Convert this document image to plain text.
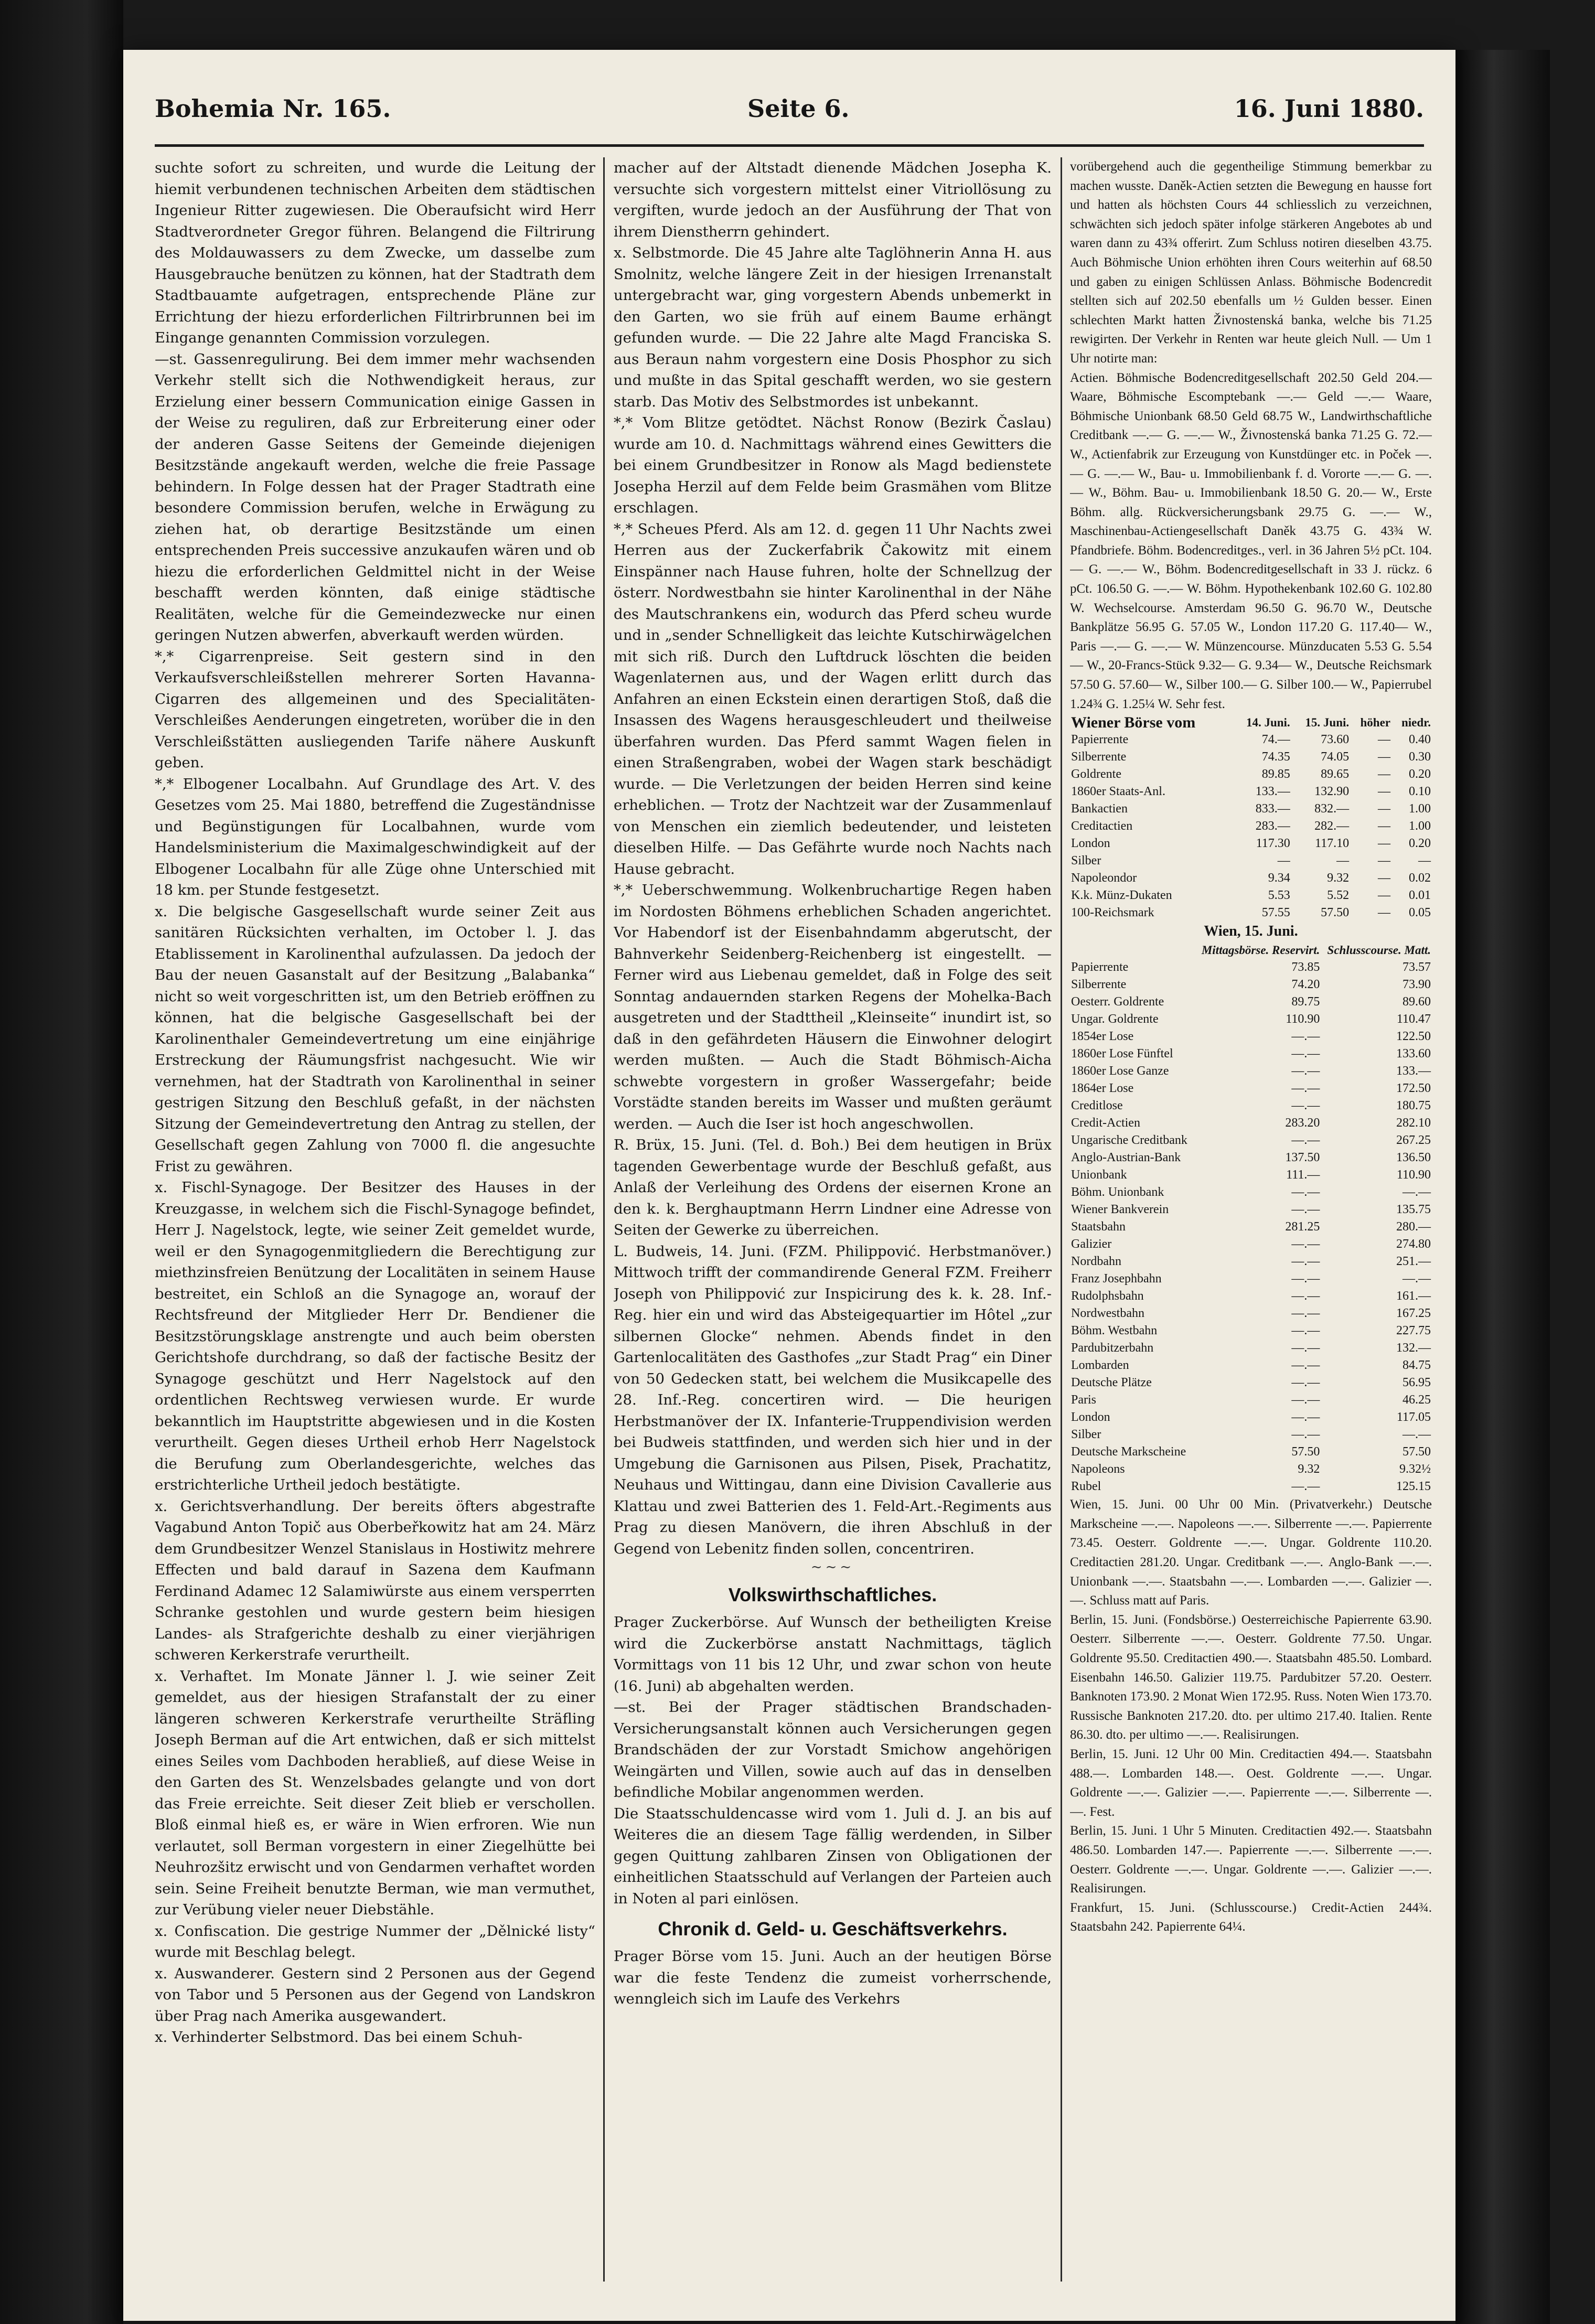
Bohemia Nr. 165.	Seite 6.	16. Juni 1880.

suchte sofort zu schreiten, und wurde die Leitung der hiemit verbundenen technischen Arbeiten dem städtischen Ingenieur Ritter zugewiesen. Die Oberaufsicht wird Herr Stadtverordneter Gregor führen. Belangend die Filtrirung des Moldauwassers zu dem Zwecke, um dasselbe zum Hausgebrauche benützen zu können, hat der Stadtrath dem Stadtbauamte aufgetragen, entsprechende Pläne zur Errichtung der hiezu erforderlichen Filtrirbrunnen bei im Eingange genannten Commission vorzulegen.

—st. Gassenregulirung. Bei dem immer mehr wachsenden Verkehr stellt sich die Nothwendigkeit heraus, zur Erzielung einer bessern Communication einige Gassen in der Weise zu reguliren, daß zur Erbreiterung einer oder der anderen Gasse Seitens der Gemeinde diejenigen Besitzstände angekauft werden, welche die freie Passage behindern. In Folge dessen hat der Prager Stadtrath eine besondere Commission berufen, welche in Erwägung zu ziehen hat, ob derartige Besitzstände um einen entsprechenden Preis successive anzukaufen wären und ob hiezu die erforderlichen Geldmittel nicht in der Weise beschafft werden könnten, daß einige städtische Realitäten, welche für die Gemeindezwecke nur einen geringen Nutzen abwerfen, abverkauft werden würden.

*,* Cigarrenpreise. Seit gestern sind in den Verkaufsverschleißstellen mehrerer Sorten Havanna-Cigarren des allgemeinen und des Specialitäten-Verschleißes Aenderungen eingetreten, worüber die in den Verschleißstätten ausliegenden Tarife nähere Auskunft geben.

*,* Elbogener Localbahn. Auf Grundlage des Art. V. des Gesetzes vom 25. Mai 1880, betreffend die Zugeständnisse und Begünstigungen für Localbahnen, wurde vom Handelsministerium die Maximalgeschwindigkeit auf der Elbogener Localbahn für alle Züge ohne Unterschied mit 18 km. per Stunde festgesetzt.

x. Die belgische Gasgesellschaft wurde seiner Zeit aus sanitären Rücksichten verhalten, im October l. J. das Etablissement in Karolinenthal aufzulassen. Da jedoch der Bau der neuen Gasanstalt auf der Besitzung „Balabanka“ nicht so weit vorgeschritten ist, um den Betrieb eröffnen zu können, hat die belgische Gasgesellschaft bei der Karolinenthaler Gemeindevertretung um eine einjährige Erstreckung der Räumungsfrist nachgesucht. Wie wir vernehmen, hat der Stadtrath von Karolinenthal in seiner gestrigen Sitzung den Beschluß gefaßt, in der nächsten Sitzung der Gemeindevertretung den Antrag zu stellen, der Gesellschaft gegen Zahlung von 7000 fl. die angesuchte Frist zu gewähren.

x. Fischl-Synagoge. Der Besitzer des Hauses in der Kreuzgasse, in welchem sich die Fischl-Synagoge befindet, Herr J. Nagelstock, legte, wie seiner Zeit gemeldet wurde, weil er den Synagogenmitgliedern die Berechtigung zur miethzinsfreien Benützung der Localitäten in seinem Hause bestreitet, ein Schloß an die Synagoge an, worauf der Rechtsfreund der Mitglieder Herr Dr. Bendiener die Besitzstörungsklage anstrengte und auch beim obersten Gerichtshofe durchdrang, so daß der factische Besitz der Synagoge geschützt und Herr Nagelstock auf den ordentlichen Rechtsweg verwiesen wurde. Er wurde bekanntlich im Hauptstritte abgewiesen und in die Kosten verurtheilt. Gegen dieses Urtheil erhob Herr Nagelstock die Berufung zum Oberlandesgerichte, welches das erstrichterliche Urtheil jedoch bestätigte.

x. Gerichtsverhandlung. Der bereits öfters abgestrafte Vagabund Anton Topič aus Oberbeřkowitz hat am 24. März dem Grundbesitzer Wenzel Stanislaus in Hostiwitz mehrere Effecten und bald darauf in Sazena dem Kaufmann Ferdinand Adamec 12 Salamiwürste aus einem versperrten Schranke gestohlen und wurde gestern beim hiesigen Landes- als Strafgerichte deshalb zu einer vierjährigen schweren Kerkerstrafe verurtheilt.

x. Verhaftet. Im Monate Jänner l. J. wie seiner Zeit gemeldet, aus der hiesigen Strafanstalt der zu einer längeren schweren Kerkerstrafe verurtheilte Sträfling Joseph Berman auf die Art entwichen, daß er sich mittelst eines Seiles vom Dachboden herabließ, auf diese Weise in den Garten des St. Wenzelsbades gelangte und von dort das Freie erreichte. Seit dieser Zeit blieb er verschollen. Bloß einmal hieß es, er wäre in Wien erfroren. Wie nun verlautet, soll Berman vorgestern in einer Ziegelhütte bei Neuhrozšitz erwischt und von Gendarmen verhaftet worden sein. Seine Freiheit benutzte Berman, wie man vermuthet, zur Verübung vieler neuer Diebstähle.

x. Confiscation. Die gestrige Nummer der „Dělnické listy“ wurde mit Beschlag belegt.

x. Auswanderer. Gestern sind 2 Personen aus der Gegend von Tabor und 5 Personen aus der Gegend von Landskron über Prag nach Amerika ausgewandert.

x. Verhinderter Selbstmord. Das bei einem Schuh-

macher auf der Altstadt dienende Mädchen Josepha K. versuchte sich vorgestern mittelst einer Vitriollösung zu vergiften, wurde jedoch an der Ausführung der That von ihrem Dienstherrn gehindert.

x. Selbstmorde. Die 45 Jahre alte Taglöhnerin Anna H. aus Smolnitz, welche längere Zeit in der hiesigen Irrenanstalt untergebracht war, ging vorgestern Abends unbemerkt in den Garten, wo sie früh auf einem Baume erhängt gefunden wurde. — Die 22 Jahre alte Magd Franciska S. aus Beraun nahm vorgestern eine Dosis Phosphor zu sich und mußte in das Spital geschafft werden, wo sie gestern starb. Das Motiv des Selbstmordes ist unbekannt.

*,* Vom Blitze getödtet. Nächst Ronow (Bezirk Časlau) wurde am 10. d. Nachmittags während eines Gewitters die bei einem Grundbesitzer in Ronow als Magd bedienstete Josepha Herzil auf dem Felde beim Grasmähen vom Blitze erschlagen.

*,* Scheues Pferd. Als am 12. d. gegen 11 Uhr Nachts zwei Herren aus der Zuckerfabrik Čakowitz mit einem Einspänner nach Hause fuhren, holte der Schnellzug der österr. Nordwestbahn sie hinter Karolinenthal in der Nähe des Mautschrankens ein, wodurch das Pferd scheu wurde und in „sender Schnelligkeit das leichte Kutschirwägelchen mit sich riß. Durch den Luftdruck löschten die beiden Wagenlaternen aus, und der Wagen erlitt durch das Anfahren an einen Eckstein einen derartigen Stoß, daß die Insassen des Wagens herausgeschleudert und theilweise überfahren wurden. Das Pferd sammt Wagen fielen in einen Straßengraben, wobei der Wagen stark beschädigt wurde. — Die Verletzungen der beiden Herren sind keine erheblichen. — Trotz der Nachtzeit war der Zusammenlauf von Menschen ein ziemlich bedeutender, und leisteten dieselben Hilfe. — Das Gefährte wurde noch Nachts nach Hause gebracht.

*,* Ueberschwemmung. Wolkenbruchartige Regen haben im Nordosten Böhmens erheblichen Schaden angerichtet. Vor Habendorf ist der Eisenbahndamm abgerutscht, der Bahnverkehr Seidenberg-Reichenberg ist eingestellt. — Ferner wird aus Liebenau gemeldet, daß in Folge des seit Sonntag andauernden starken Regens der Mohelka-Bach ausgetreten und der Stadttheil „Kleinseite“ inundirt ist, so daß in den gefährdeten Häusern die Einwohner delogirt werden mußten. — Auch die Stadt Böhmisch-Aicha schwebte vorgestern in großer Wassergefahr; beide Vorstädte standen bereits im Wasser und mußten geräumt werden. — Auch die Iser ist hoch angeschwollen.

R. Brüx, 15. Juni. (Tel. d. Boh.) Bei dem heutigen in Brüx tagenden Gewerbentage wurde der Beschluß gefaßt, aus Anlaß der Verleihung des Ordens der eisernen Krone an den k. k. Berghauptmann Herrn Lindner eine Adresse von Seiten der Gewerke zu überreichen.

L. Budweis, 14. Juni. (FZM. Philippović. Herbstmanöver.) Mittwoch trifft der commandirende General FZM. Freiherr Joseph von Philippović zur Inspicirung des k. k. 28. Inf.-Reg. hier ein und wird das Absteigequartier im Hôtel „zur silbernen Glocke“ nehmen. Abends findet in den Gartenlocalitäten des Gasthofes „zur Stadt Prag“ ein Diner von 50 Gedecken statt, bei welchem die Musikcapelle des 28. Inf.-Reg. concertiren wird. — Die heurigen Herbstmanöver der IX. Infanterie-Truppendivision werden bei Budweis stattfinden, und werden sich hier und in der Umgebung die Garnisonen aus Pilsen, Pisek, Prachatitz, Neuhaus und Wittingau, dann eine Division Cavallerie aus Klattau und zwei Batterien des 1. Feld-Art.-Regiments aus Prag zu diesen Manövern, die ihren Abschluß in der Gegend von Lebenitz finden sollen, concentriren.

~~~
Volkswirthschaftliches.

Prager Zuckerbörse. Auf Wunsch der betheiligten Kreise wird die Zuckerbörse anstatt Nachmittags, täglich Vormittags von 11 bis 12 Uhr, und zwar schon von heute (16. Juni) ab abgehalten werden.

—st. Bei der Prager städtischen Brandschaden-Versicherungsanstalt können auch Versicherungen gegen Brandschäden der zur Vorstadt Smichow angehörigen Weingärten und Villen, sowie auch auf das in denselben befindliche Mobilar angenommen werden.

Die Staatsschuldencasse wird vom 1. Juli d. J. an bis auf Weiteres die an diesem Tage fällig werdenden, in Silber gegen Quittung zahlbaren Zinsen von Obligationen der einheitlichen Staatsschuld auf Verlangen der Parteien auch in Noten al pari einlösen.

Chronik d. Geld- u. Geschäftsverkehrs.

Prager Börse vom 15. Juni. Auch an der heutigen Börse war die feste Tendenz die zumeist vorherrschende, wenngleich sich im Laufe des Verkehrs

vorübergehend auch die gegentheilige Stimmung bemerkbar zu machen wusste. Daněk-Actien setzten die Bewegung en hausse fort und hatten als höchsten Cours 44 schliesslich zu verzeichnen, schwächten sich jedoch später infolge stärkeren Angebotes ab und waren dann zu 43¾ offerirt. Zum Schluss notiren dieselben 43.75. Auch Böhmische Union erhöhten ihren Cours weiterhin auf 68.50 und gaben zu einigen Schlüssen Anlass. Böhmische Bodencredit stellten sich auf 202.50 ebenfalls um ½ Gulden besser. Einen schlechten Markt hatten Živnostenská banka, welche bis 71.25 rewigirten. Der Verkehr in Renten war heute gleich Null. — Um 1 Uhr notirte man:

Actien. Böhmische Bodencreditgesellschaft 202.50 Geld 204.— Waare, Böhmische Escomptebank —.— Geld —.— Waare, Böhmische Unionbank 68.50 Geld 68.75 W., Landwirthschaftliche Creditbank —.— G. —.— W., Živnostenská banka 71.25 G. 72.— W., Actienfabrik zur Erzeugung von Kunstdünger etc. in Poček —.— G. —.— W., Bau- u. Immobilienbank f. d. Vororte —.— G. —.— W., Böhm. Bau- u. Immobilienbank 18.50 G. 20.— W., Erste Böhm. allg. Rückversicherungsbank 29.75 G. —.— W., Maschinenbau-Actiengesellschaft Daněk 43.75 G. 43¾ W. Pfandbriefe. Böhm. Bodencreditges., verl. in 36 Jahren 5½ pCt. 104.— G. —.— W., Böhm. Bodencreditgesellschaft in 33 J. rückz. 6 pCt. 106.50 G. —.— W. Böhm. Hypothekenbank 102.60 G. 102.80 W. Wechselcourse. Amsterdam 96.50 G. 96.70 W., Deutsche Bankplätze 56.95 G. 57.05 W., London 117.20 G. 117.40— W., Paris —.— G. —.— W. Münzencourse. Münzducaten 5.53 G. 5.54— W., 20-Francs-Stück 9.32— G. 9.34— W., Deutsche Reichsmark 57.50 G. 57.60— W., Silber 100.— G. Silber 100.— W., Papierrubel 1.24¾ G. 1.25¼ W. Sehr fest.

Wiener Börse vom	14. Juni.	15. Juni.	höher	niedr.
Papierrente	74.—	73.60	—	0.40
Silberrente	74.35	74.05	—	0.30
Goldrente	89.85	89.65	—	0.20
1860er Staats-Anl.	133.—	132.90	—	0.10
Bankactien	833.—	832.—	—	1.00
Creditactien	283.—	282.—	—	1.00
London	117.30	117.10	—	0.20
Silber	—	—	—	—
Napoleondor	9.34	9.32	—	0.02
K.k. Münz-Dukaten	5.53	5.52	—	0.01
100-Reichsmark	57.55	57.50	—	0.05
Wien, 15. Juni.
	Mittagsbörse. Reservirt.	Schlusscourse. Matt.
Papierrente	73.85	73.57
Silberrente	74.20	73.90
Oesterr. Goldrente	89.75	89.60
Ungar. Goldrente	110.90	110.47
1854er Lose	—.—	122.50
1860er Lose Fünftel	—.—	133.60
1860er Lose Ganze	—.—	133.—
1864er Lose	—.—	172.50
Creditlose	—.—	180.75
Credit-Actien	283.20	282.10
Ungarische Creditbank	—.—	267.25
Anglo-Austrian-Bank	137.50	136.50
Unionbank	111.—	110.90
Böhm. Unionbank	—.—	—.—
Wiener Bankverein	—.—	135.75
Staatsbahn	281.25	280.—
Galizier	—.—	274.80
Nordbahn	—.—	251.—
Franz Josephbahn	—.—	—.—
Rudolphsbahn	—.—	161.—
Nordwestbahn	—.—	167.25
Böhm. Westbahn	—.—	227.75
Pardubitzerbahn	—.—	132.—
Lombarden	—.—	84.75
Deutsche Plätze	—.—	56.95
Paris	—.—	46.25
London	—.—	117.05
Silber	—.—	—.—
Deutsche Markscheine	57.50	57.50
Napoleons	9.32	9.32½
Rubel	—.—	125.15

Wien, 15. Juni. 00 Uhr 00 Min. (Privatverkehr.) Deutsche Markscheine —.—. Napoleons —.—. Silberrente —.—. Papierrente 73.45. Oesterr. Goldrente —.—. Ungar. Goldrente 110.20. Creditactien 281.20. Ungar. Creditbank —.—. Anglo-Bank —.—. Unionbank —.—. Staatsbahn —.—. Lombarden —.—. Galizier —.—. Schluss matt auf Paris.

Berlin, 15. Juni. (Fondsbörse.) Oesterreichische Papierrente 63.90. Oesterr. Silberrente —.—. Oesterr. Goldrente 77.50. Ungar. Goldrente 95.50. Creditactien 490.—. Staatsbahn 485.50. Lombard. Eisenbahn 146.50. Galizier 119.75. Pardubitzer 57.20. Oesterr. Banknoten 173.90. 2 Monat Wien 172.95. Russ. Noten Wien 173.70. Russische Banknoten 217.20. dto. per ultimo 217.40. Italien. Rente 86.30. dto. per ultimo —.—. Realisirungen.

Berlin, 15. Juni. 12 Uhr 00 Min. Creditactien 494.—. Staatsbahn 488.—. Lombarden 148.—. Oest. Goldrente —.—. Ungar. Goldrente —.—. Galizier —.—. Papierrente —.—. Silberrente —.—. Fest.

Berlin, 15. Juni. 1 Uhr 5 Minuten. Creditactien 492.—. Staatsbahn 486.50. Lombarden 147.—. Papierrente —.—. Silberrente —.—. Oesterr. Goldrente —.—. Ungar. Goldrente —.—. Galizier —.—. Realisirungen.

Frankfurt, 15. Juni. (Schlusscourse.) Credit-Actien 244¾. Staatsbahn 242. Papierrente 64¼.
